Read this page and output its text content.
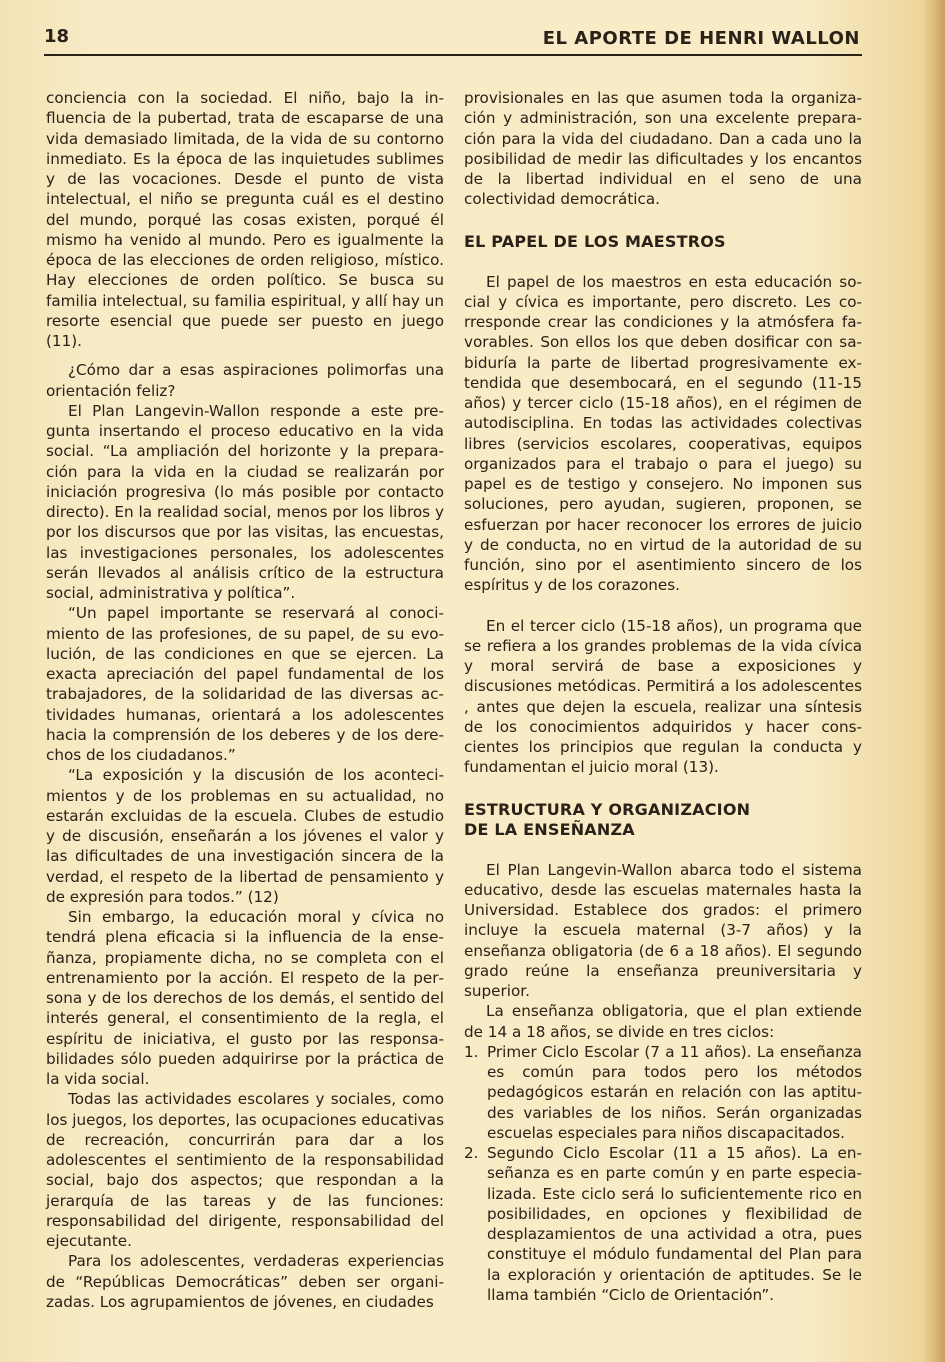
18	EL APORTE DE HENRI WALLON

conciencia con la sociedad. El niño, bajo la influencia de la pubertad, trata de escaparse de una vida demasiado limitada, de la vida de su contorno inmediato. Es la época de las inquietudes sublimes y de las vocaciones. Desde el punto de vista intelectual, el niño se pregunta cuál es el destino del mundo, porqué las cosas existen, porqué él mismo ha venido al mundo. Pero es igualmente la época de las elecciones de orden religioso, místico. Hay elecciones de orden político. Se busca su familia intelectual, su familia espiritual, y allí hay un resorte esencial que puede ser puesto en juego (11).

¿Cómo dar a esas aspiraciones polimorfas una orientación feliz?

El Plan Langevin-Wallon responde a este pregunta insertando el proceso educativo en la vida social. “La ampliación del horizonte y la preparación para la vida en la ciudad se realizarán por iniciación progresiva (lo más posible por contacto directo). En la realidad social, menos por los libros y por los discursos que por las visitas, las encuestas, las investigaciones personales, los adolescentes serán llevados al análisis crítico de la estructura social, administrativa y política”.

“Un papel importante se reservará al conocimiento de las profesiones, de su papel, de su evolución, de las condiciones en que se ejercen. La exacta apreciación del papel fundamental de los trabajadores, de la solidaridad de las diversas actividades humanas, orientará a los adolescentes hacia la comprensión de los deberes y de los derechos de los ciudadanos.”

“La exposición y la discusión de los acontecimientos y de los problemas en su actualidad, no estarán excluidas de la escuela. Clubes de estudio y de discusión, enseñarán a los jóvenes el valor y las dificultades de una investigación sincera de la verdad, el respeto de la libertad de pensamiento y de expresión para todos.” (12)

Sin embargo, la educación moral y cívica no tendrá plena eficacia si la influencia de la enseñanza, propiamente dicha, no se completa con el entrenamiento por la acción. El respeto de la persona y de los derechos de los demás, el sentido del interés general, el consentimiento de la regla, el espíritu de iniciativa, el gusto por las responsabilidades sólo pueden adquirirse por la práctica de la vida social.

Todas las actividades escolares y sociales, como los juegos, los deportes, las ocupaciones educativas de recreación, concurrirán para dar a los adolescentes el sentimiento de la responsabilidad social, bajo dos aspectos; que respondan a la jerarquía de las tareas y de las funciones: responsabilidad del dirigente, responsabilidad del ejecutante.

Para los adolescentes, verdaderas experiencias de “Repúblicas Democráticas” deben ser organizadas. Los agrupamientos de jóvenes, en ciudades

provisionales en las que asumen toda la organización y administración, son una excelente preparación para la vida del ciudadano. Dan a cada uno la posibilidad de medir las dificultades y los encantos de la libertad individual en el seno de una colectividad democrática.

EL PAPEL DE LOS MAESTROS

El papel de los maestros en esta educación social y cívica es importante, pero discreto. Les corresponde crear las condiciones y la atmósfera favorables. Son ellos los que deben dosificar con sabiduría la parte de libertad progresivamente extendida que desembocará, en el segundo (11-15 años) y tercer ciclo (15-18 años), en el régimen de autodisciplina. En todas las actividades colectivas libres (servicios escolares, cooperativas, equipos organizados para el trabajo o para el juego) su papel es de testigo y consejero. No imponen sus soluciones, pero ayudan, sugieren, proponen, se esfuerzan por hacer reconocer los errores de juicio y de conducta, no en virtud de la autoridad de su función, sino por el asentimiento sincero de los espíritus y de los corazones.

En el tercer ciclo (15-18 años), un programa que se refiera a los grandes problemas de la vida cívica y moral servirá de base a exposiciones y discusiones metódicas. Permitirá a los adolescentes , antes que dejen la escuela, realizar una síntesis de los conocimientos adquiridos y hacer conscientes los principios que regulan la conducta y fundamentan el juicio moral (13).

ESTRUCTURA Y ORGANIZACION
DE LA ENSEÑANZA

El Plan Langevin-Wallon abarca todo el sistema educativo, desde las escuelas maternales hasta la Universidad. Establece dos grados: el primero incluye la escuela maternal (3-7 años) y la enseñanza obligatoria (de 6 a 18 años). El segundo grado reúne la enseñanza preuniversitaria y superior.

La enseñanza obligatoria, que el plan extiende de 14 a 18 años, se divide en tres ciclos:

1. Primer Ciclo Escolar (7 a 11 años). La enseñanza es común para todos pero los métodos pedagógicos estarán en relación con las aptitudes variables de los niños. Serán organizadas escuelas especiales para niños discapacitados.
2. Segundo Ciclo Escolar (11 a 15 años). La enseñanza es en parte común y en parte especializada. Este ciclo será lo suficientemente rico en posibilidades, en opciones y flexibilidad de desplazamientos de una actividad a otra, pues constituye el módulo fundamental del Plan para la exploración y orientación de aptitudes. Se le llama también “Ciclo de Orientación”.
